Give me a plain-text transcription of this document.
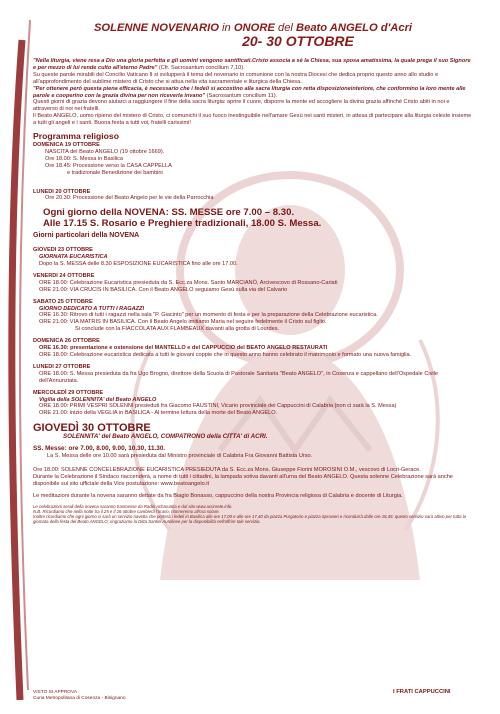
SOLENNE NOVENARIO in ONORE del Beato ANGELO d'Acri
20- 30 OTTOBRE

"Nella liturgia, viene resa a Dio una gloria perfetta e gli uomini vengono santificati.Cristo associa a sé la Chiesa, sua sposa amatissima, la quale prega il suo Signore e per mezzo di lui rende culto all'eterno Padre" (Cfr. Sacrosantum concilium 7,10).

Su queste parole mirabili del Concilio Vaticano II si svilupperà il tema del novenario in comunione con la nostra Diocesi che dedica proprio questo anno allo studio e all'approfondimento del sublime mistero di Cristo che si attua nella vita sacramentale e liturgica della Chiesa.

"Per ottenere però questa piena efficacia, è necessario che i fedeli si accostino alla sacra liturgia con retta disposizioneinteriore, che conformino la loro mente alle parole e cooperino con la grazia divina per non riceverla invano" (Sacrosantum concilium 11).

Questi giorni di grazia devono aiutarci a raggiungere il fine della sacra liturgia: aprire il cuore, disporre la mente ed accogliere la divina grazia affinché Cristo abiti in noi e attraverso di noi nei fratelli.

Il Beato ANGELO, uomo ripieno del mistero di Cristo, ci comunichi il suo fuoco inestinguibile nell'amare Gesù nei santi misteri, in attesa di partecipare alla liturgia celeste insieme a tutti gli angeli e i santi. Buona festa a tutti voi, fratelli carissimi!

Programma religioso
DOMENICA 19 OTTOBRE
NASCITA del Beato ANGELO (19 ottobre 1669).
Ore 18.00: S. Messa in Basilica
Ore 18.45: Processione verso la CASA CAPPELLA
e tradizionale Benedizione dei bambini
LUNEDI 20 OTTOBRE
Ore 20.30: Processione del Beato Angelo per le vie della Parrocchia
Ogni giorno della NOVENA: SS. MESSE ore 7.00 – 8.30.
Alle 17.15 S. Rosario e Preghiere tradizionali, 18.00 S. Messa.
Giorni particolari della NOVENA
GIOVEDI 23 OTTOBRE
GIORNATA EUCARISTICA
Dopo la S. MESSA delle 8.30 ESPOSIZIONE EUCARISTICA fino alle ore 17.00.
VENERDI 24 OTTOBRE
ORE 18.00: Celebrazione Eucaristica presieduta da S. Ecc.za Mons. Santo MARCIANÒ, Arcivescovo di Rossano-Cariati
ORE 21.00: VIA CRUCIS IN BASILICA. Con il Beato ANGELO seguiamo Gesù sulla via del Calvario
SABATO 25 OTTOBRE
GIORNO DEDICATO A TUTTI I RAGAZZI
ORE 16.30: Ritrovo di tutti i ragazzi nella sala "P. Giacinto" per un momento di festa e per la preparazione della Celebrazione eucaristica.
ORE 21.00: VIA MATRIS IN BASILICA. Con il Beato Angelo imitiamo Maria nel seguire fedelmente il Cristo sul figlio.
Si conclude con la FIACCOLATA AUX FLAMBEAUX davanti alla grotta di Lourdes.
DOMENICA 26 OTTOBRE
ORE 16.30: presentazione e ostensione del MANTELLO e del CAPPUCCIO del BEATO ANGELO RESTAURATI
ORE 18.00: Celebrazione eucaristica dedicata a tutti le giovani coppie che in questo anno hanno celebrato il matrimonio e formato una nuova famiglia.
LUNEDI 27 OTTOBRE
ORE 18.00: S. Messa presieduta da fra Ugo Brogno, direttore della Scuola di Pastorale Sanitaria "Beato ANGELO", in Cosenza e cappellano dell'Ospedale Civile dell'Annunziata.
MERCOLEDÌ 29 OTTOBRE
Vigilia della SOLENNITA' del Beato ANGELO
ORE 18.00: PRIMI VESPRI SOLENNI presieduti fra Giacomo FAUSTINI, Vicario provinciale dei Cappuccini di Calabria (non ci sarà la S. Messa)
ORE 21.00: inizio della VEGLIA in BASILICA - Al termine lettura della morte del Beato ANGELO.
GIOVEDÌ 30 OTTOBRE
SOLENNITA' del Beato ANGELO, COMPATRONO della CITTA' di ACRI.
SS. Messe: ore 7.00, 8.00, 9.00, 10.30, 11.30.
La S. Messa delle ore 10.00 sarà presieduta dal Ministro provinciale di Calabria Fra Giovanni Battista Urso.
Ore 18.00: SOLENNE CONCELEBRAZIONE EUCARISTICA PRESIEDUTA da S. Ecc.za Mons. Giuseppe Fiorini MOROSINI O.M., vescovo di Locri-Gerace.
Durante la Celebrazione il Sindaco riaccenderà, a nome di tutti i cittadini, la lampada votiva davanti all'urna del Beato ANGELO. Questa solenne Celebrazione sarà anche disponibile sul sito ufficiale della Vice postulazione: www.beatoangelo.it
Le meditazioni durante la novena saranno dettate da fra Biagio Bonasso, cappuccino della nostra Provincia religiosa di Calabria e docente di Liturgia.
Le celebrazioni serali della novena saranno trasmesse da Radio Acharuntia e dal sito www.acrinrete.info.
N.B. Ricordiamo che nella notte tra il 25 e il 26 ottobre cambierà l'orario, ritorneremo all'ora solare.
Inoltre ricordiamo che ogni giorno ci sarà un servizio navetta che porterà i fedeli in Basilica alle ore 17,00 e alle ore 17,40 da piazza Purgatorio e piazza Sprovieri e ricondurrà dalle ore 18,45: questo servizio sarà attivo per tutta la giornata della festa del Beato ANGELO; ringraziamo la Ditta Santini Autolinee per la disponibilità nell'offrire tale servizio.
VISTO SI APPROVA
Curia Metropolitana di Cosenza - Bisignano
I FRATI CAPPUCCINI
